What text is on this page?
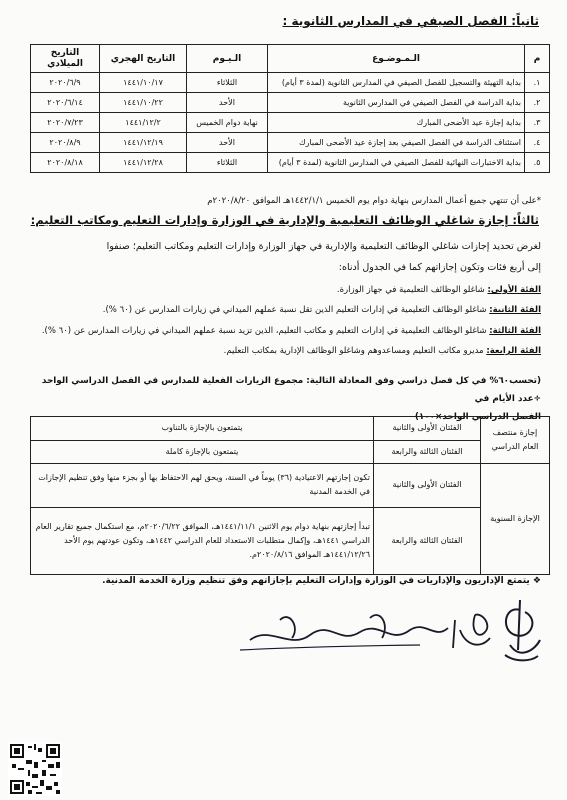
ثانياً: الفصل الصيفي في المدارس الثانوية :
م	الـمـوضـوع	الـيـوم	التاريخ الهجري	التاريخ الميلادي
١.	بداية التهيئة والتسجيل للفصل الصيفي في المدارس الثانوية (لمدة ٣ أيام)	الثلاثاء	١٤٤١/١٠/١٧	٢٠٢٠/٦/٩
٢.	بداية الدراسة في الفصل الصيفي في المدارس الثانوية	الأحد	١٤٤١/١٠/٢٢	٢٠٢٠/٦/١٤
٣.	بداية إجازة عيد الأضحى المبارك	نهاية دوام الخميس	١٤٤١/١٢/٢	٢٠٢٠/٧/٢٣
٤.	استئناف الدراسة في الفصل الصيفي بعد إجازة عيد الأضحى المبارك	الأحد	١٤٤١/١٢/١٩	٢٠٢٠/٨/٩
٥.	بداية الاختبارات النهائية للفصل الصيفي في المدارس الثانوية (لمدة ٣ أيام)	الثلاثاء	١٤٤١/١٢/٢٨	٢٠٢٠/٨/١٨
*على أن تنتهي جميع أعمال المدارس بنهاية دوام يوم الخميس ١٤٤٢/١/١هـ الموافق ٢٠٢٠/٨/٢٠م
ثالثاً: إجازة شاغلي الوظائف التعليمية والإدارية في الوزارة وإدارات التعليم ومكاتب التعليم:
لغرض تحديد إجازات شاغلي الوظائف التعليمية والإدارية في جهاز الوزارة وإدارات التعليم ومكاتب التعليم؛ صنفوا
إلى أربع فئات وتكون إجازاتهم كما في الجدول أدناه:
الفئة الأولى: شاغلو الوظائف التعليمية في جهاز الوزارة.
الفئة الثانية: شاغلو الوظائف التعليمية في إدارات التعليم الذين تقل نسبة عملهم الميداني في زيارات المدارس عن (٦٠ %).
الفئة الثالثة: شاغلو الوظائف التعليمية في إدارات التعليم و مكاتب التعليم، الذين تزيد نسبة عملهم الميداني في زيارات المدارس عن (٦٠ %).
الفئة الرابعة: مديرو مكاتب التعليم ومساعدوهم وشاغلو الوظائف الإدارية بمكاتب التعليم.
(تحسب٦٠% في كل فصل دراسي وفق المعادلة التالية: مجموع الزيارات الفعلية للمدارس في الفصل الدراسي الواحد ÷عدد الأيام في
الفصل الدراسي الواحد×١٠٠)
إجازة منتصف العام الدراسي	الفئتان الأولى والثانية	يتمتعون بالإجازة بالتناوب
	الفئتان الثالثة والرابعة	يتمتعون بالإجازة كاملة
الإجازة السنوية	الفئتان الأولى والثانية	تكون إجازتهم الاعتيادية (٣٦) يوماً في السنة، ويحق لهم الاحتفاظ بها أو بجزء منها وفق تنظيم الإجازات في الخدمة المدنية
	الفئتان الثالثة والرابعة	تبدأ إجازتهم بنهاية دوام يوم الاثنين ١٤٤١/١١/١هـ، الموافق ٢٠٢٠/٦/٢٢م، مع استكمال جميع تقارير العام الدراسي ١٤٤١هـ، وإكمال متطلبات الاستعداد للعام الدراسي ١٤٤٢هـ، وتكون عودتهم يوم الأحد ١٤٤١/١٢/٢٦هـ الموافق ٢٠٢٠/٨/١٦م.
❖ يتمتع الإداريون والإداريات في الوزارة وإدارات التعليم بإجازاتهم وفق تنظيم وزارة الخدمة المدنية.
